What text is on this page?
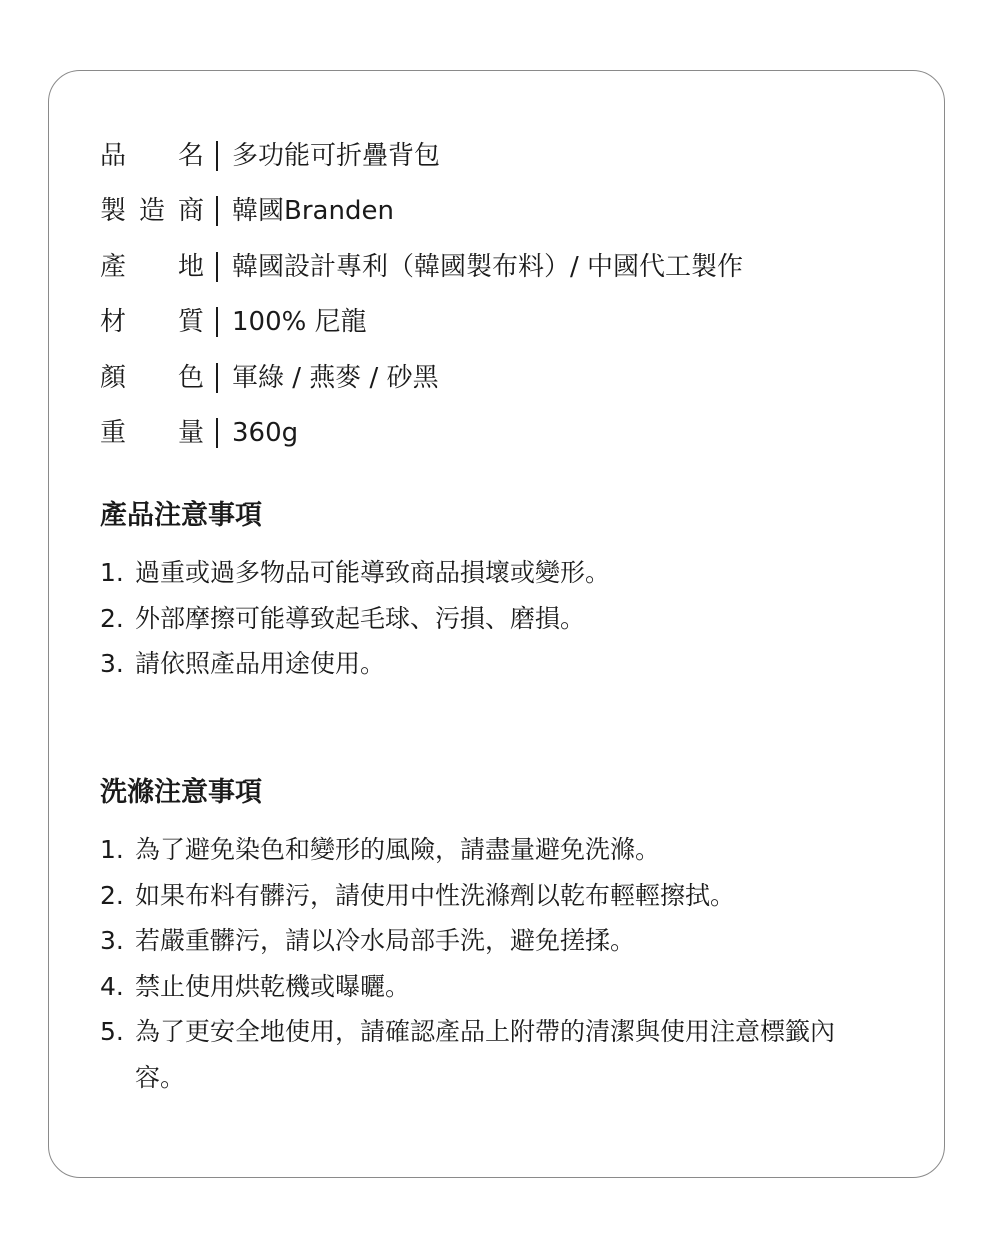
品 名 多功能可折疊背包
製 造 商 韓國Branden
產 地 韓國設計專利（韓國製布料）/ 中國代工製作
材 質 100% 尼龍
顏 色 軍綠 / 燕麥 / 砂黑
重 量 360g
產品注意事項
1. 過重或過多物品可能導致商品損壞或變形。
2. 外部摩擦可能導致起毛球、污損、磨損。
3. 請依照產品用途使用。
洗滌注意事項
1. 為了避免染色和變形的風險，請盡量避免洗滌。
2. 如果布料有髒污，請使用中性洗滌劑以乾布輕輕擦拭。
3. 若嚴重髒污，請以冷水局部手洗，避免搓揉。
4. 禁止使用烘乾機或曝曬。
5. 為了更安全地使用，請確認產品上附帶的清潔與使用注意標籤內容。
